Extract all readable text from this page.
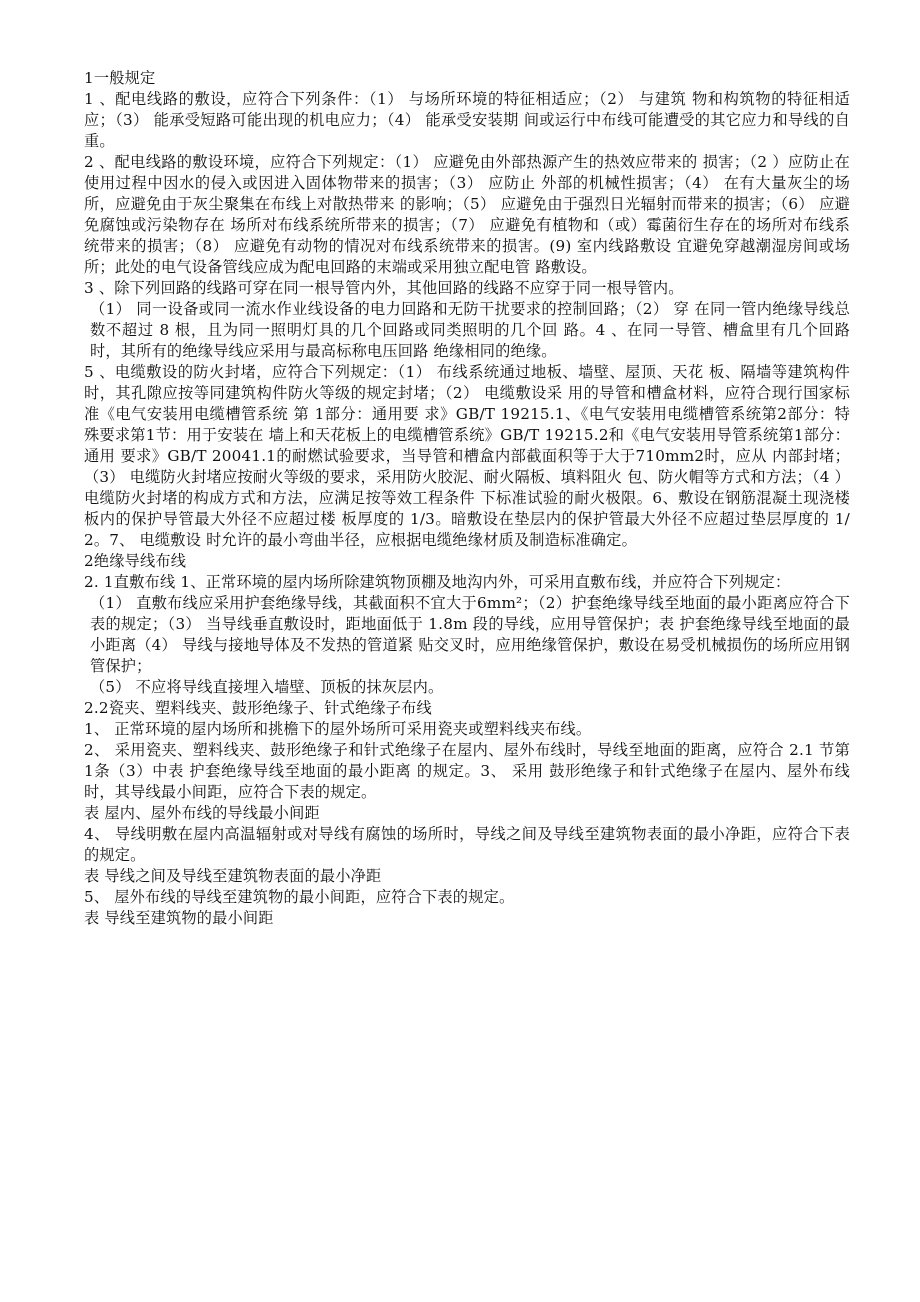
1一般规定

1 、配电线路的敷设，应符合下列条件：（1） 与场所环境的特征相适应；（2） 与建筑 物和构筑物的特征相适应；（3） 能承受短路可能出现的机电应力；（4） 能承受安装期 间或运行中布线可能遭受的其它应力和导线的自重。

2 、配电线路的敷设环境，应符合下列规定：（1） 应避免由外部热源产生的热效应带来的 损害；（2 ）应防止在使用过程中因水的侵入或因进入固体物带来的损害；（3） 应防止 外部的机械性损害；（4） 在有大量灰尘的场所，应避免由于灰尘聚集在布线上对散热带来 的影响；（5） 应避免由于强烈日光辐射而带来的损害；（6） 应避免腐蚀或污染物存在 场所对布线系统所带来的损害；（7） 应避免有植物和（或）霉菌衍生存在的场所对布线系 统带来的损害；（8） 应避免有动物的情况对布线系统带来的损害。(9) 室内线路敷设 宜避免穿越潮湿房间或场所；此处的电气设备管线应成为配电回路的末端或采用独立配电管 路敷设。

3 、除下列回路的线路可穿在同一根导管内外，其他回路的线路不应穿于同一根导管内。

（1） 同一设备或同一流水作业线设备的电力回路和无防干扰要求的控制回路；（2） 穿 在同一管内绝缘导线总数不超过 8 根，且为同一照明灯具的几个回路或同类照明的几个回 路。4 、在同一导管、槽盒里有几个回路时，其所有的绝缘导线应采用与最高标称电压回路 绝缘相同的绝缘。

5 、电缆敷设的防火封堵，应符合下列规定：（1） 布线系统通过地板、墙壁、屋顶、天花 板、隔墙等建筑构件时，其孔隙应按等同建筑构件防火等级的规定封堵；（2） 电缆敷设采 用的导管和槽盒材料，应符合现行国家标准《电气安装用电缆槽管系统 第 1部分：通用要 求》GB/T 19215.1、《电气安装用电缆槽管系统第2部分：特殊要求第1节：用于安装在 墙上和天花板上的电缆槽管系统》GB/T 19215.2和《电气安装用导管系统第1部分：通用 要求》GB/T 20041.1的耐燃试验要求，当导管和槽盒内部截面积等于大于710mm2时，应从 内部封堵；（3） 电缆防火封堵应按耐火等级的要求，采用防火胶泥、耐火隔板、填料阻火 包、防火帽等方式和方法；（4 ）电缆防火封堵的构成方式和方法，应满足按等效工程条件 下标准试验的耐火极限。6、敷设在钢筋混凝土现浇楼板内的保护导管最大外径不应超过楼 板厚度的 1/3。暗敷设在垫层内的保护管最大外径不应超过垫层厚度的 1/2。7、 电缆敷设 时允许的最小弯曲半径，应根据电缆绝缘材质及制造标准确定。

2绝缘导线布线

2. 1直敷布线 1、正常环境的屋内场所除建筑物顶棚及地沟内外，可采用直敷布线，并应符合下列规定：

（1） 直敷布线应采用护套绝缘导线，其截面积不宜大于6mm²；（2）护套绝缘导线至地面的最小距离应符合下表的规定；（3） 当导线垂直敷设时，距地面低于 1.8m 段的导线，应用导管保护；表 护套绝缘导线至地面的最小距离（4） 导线与接地导体及不发热的管道紧 贴交叉时，应用绝缘管保护，敷设在易受机械损伤的场所应用钢管保护；

（5） 不应将导线直接埋入墙壁、顶板的抹灰层内。

2.2瓷夹、塑料线夹、鼓形绝缘子、针式绝缘子布线

1、 正常环境的屋内场所和挑檐下的屋外场所可采用瓷夹或塑料线夹布线。

2、 采用瓷夹、塑料线夹、鼓形绝缘子和针式绝缘子在屋内、屋外布线时，导线至地面的距离，应符合 2.1 节第1条（3）中表 护套绝缘导线至地面的最小距离 的规定。3、 采用 鼓形绝缘子和针式绝缘子在屋内、屋外布线时，其导线最小间距，应符合下表的规定。

表 屋内、屋外布线的导线最小间距

4、 导线明敷在屋内高温辐射或对导线有腐蚀的场所时，导线之间及导线至建筑物表面的最小净距，应符合下表的规定。

表 导线之间及导线至建筑物表面的最小净距

5、 屋外布线的导线至建筑物的最小间距，应符合下表的规定。

表 导线至建筑物的最小间距
